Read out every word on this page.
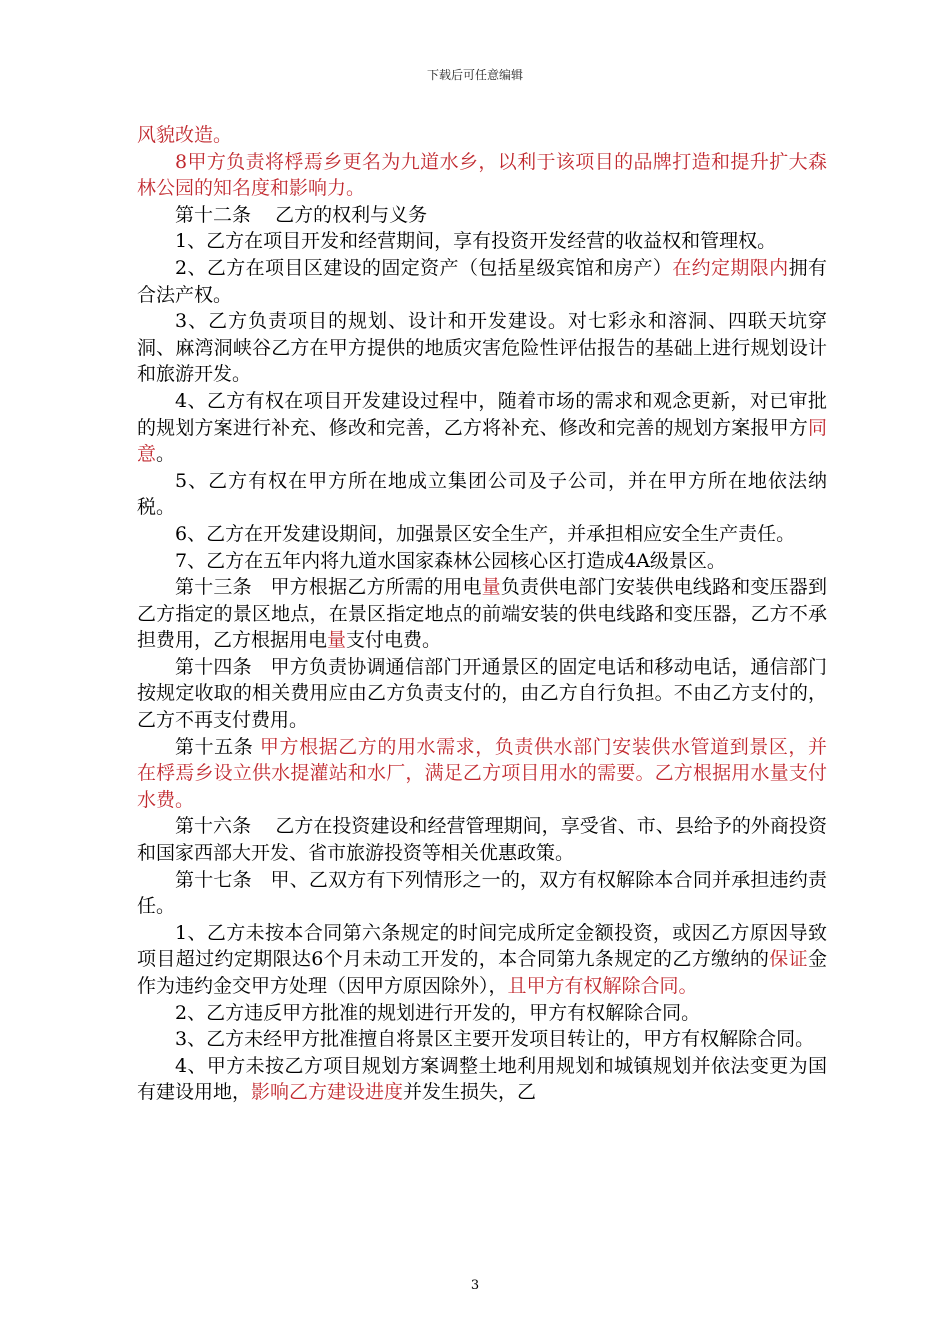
下载后可任意编辑

风貌改造。

8甲方负责将桴焉乡更名为九道水乡，以利于该项目的品牌打造和提升扩大森林公园的知名度和影响力。

第十二条    乙方的权利与义务

1、乙方在项目开发和经营期间，享有投资开发经营的收益权和管理权。

2、乙方在项目区建设的固定资产（包括星级宾馆和房产）在约定期限内拥有合法产权。

3、乙方负责项目的规划、设计和开发建设。对七彩永和溶洞、四联天坑穿洞、麻湾洞峡谷乙方在甲方提供的地质灾害危险性评估报告的基础上进行规划设计和旅游开发。

4、乙方有权在项目开发建设过程中，随着市场的需求和观念更新，对已审批的规划方案进行补充、修改和完善，乙方将补充、修改和完善的规划方案报甲方同意。

5、乙方有权在甲方所在地成立集团公司及子公司，并在甲方所在地依法纳税。

6、乙方在开发建设期间，加强景区安全生产，并承担相应安全生产责任。

7、乙方在五年内将九道水国家森林公园核心区打造成4A级景区。

第十三条   甲方根据乙方所需的用电量负责供电部门安装供电线路和变压器到乙方指定的景区地点，在景区指定地点的前端安装的供电线路和变压器，乙方不承担费用，乙方根据用电量支付电费。

第十四条   甲方负责协调通信部门开通景区的固定电话和移动电话，通信部门按规定收取的相关费用应由乙方负责支付的，由乙方自行负担。不由乙方支付的，乙方不再支付费用。

第十五条 甲方根据乙方的用水需求，负责供水部门安装供水管道到景区，并在桴焉乡设立供水提灌站和水厂，满足乙方项目用水的需要。乙方根据用水量支付水费。

第十六条    乙方在投资建设和经营管理期间，享受省、市、县给予的外商投资和国家西部大开发、省市旅游投资等相关优惠政策。

第十七条   甲、乙双方有下列情形之一的，双方有权解除本合同并承担违约责任。

1、乙方未按本合同第六条规定的时间完成所定金额投资，或因乙方原因导致项目超过约定期限达6个月未动工开发的，本合同第九条规定的乙方缴纳的保证金作为违约金交甲方处理（因甲方原因除外），且甲方有权解除合同。

2、乙方违反甲方批准的规划进行开发的，甲方有权解除合同。

3、乙方未经甲方批准擅自将景区主要开发项目转让的，甲方有权解除合同。

4、甲方未按乙方项目规划方案调整土地利用规划和城镇规划并依法变更为国有建设用地，影响乙方建设进度并发生损失，乙

3
